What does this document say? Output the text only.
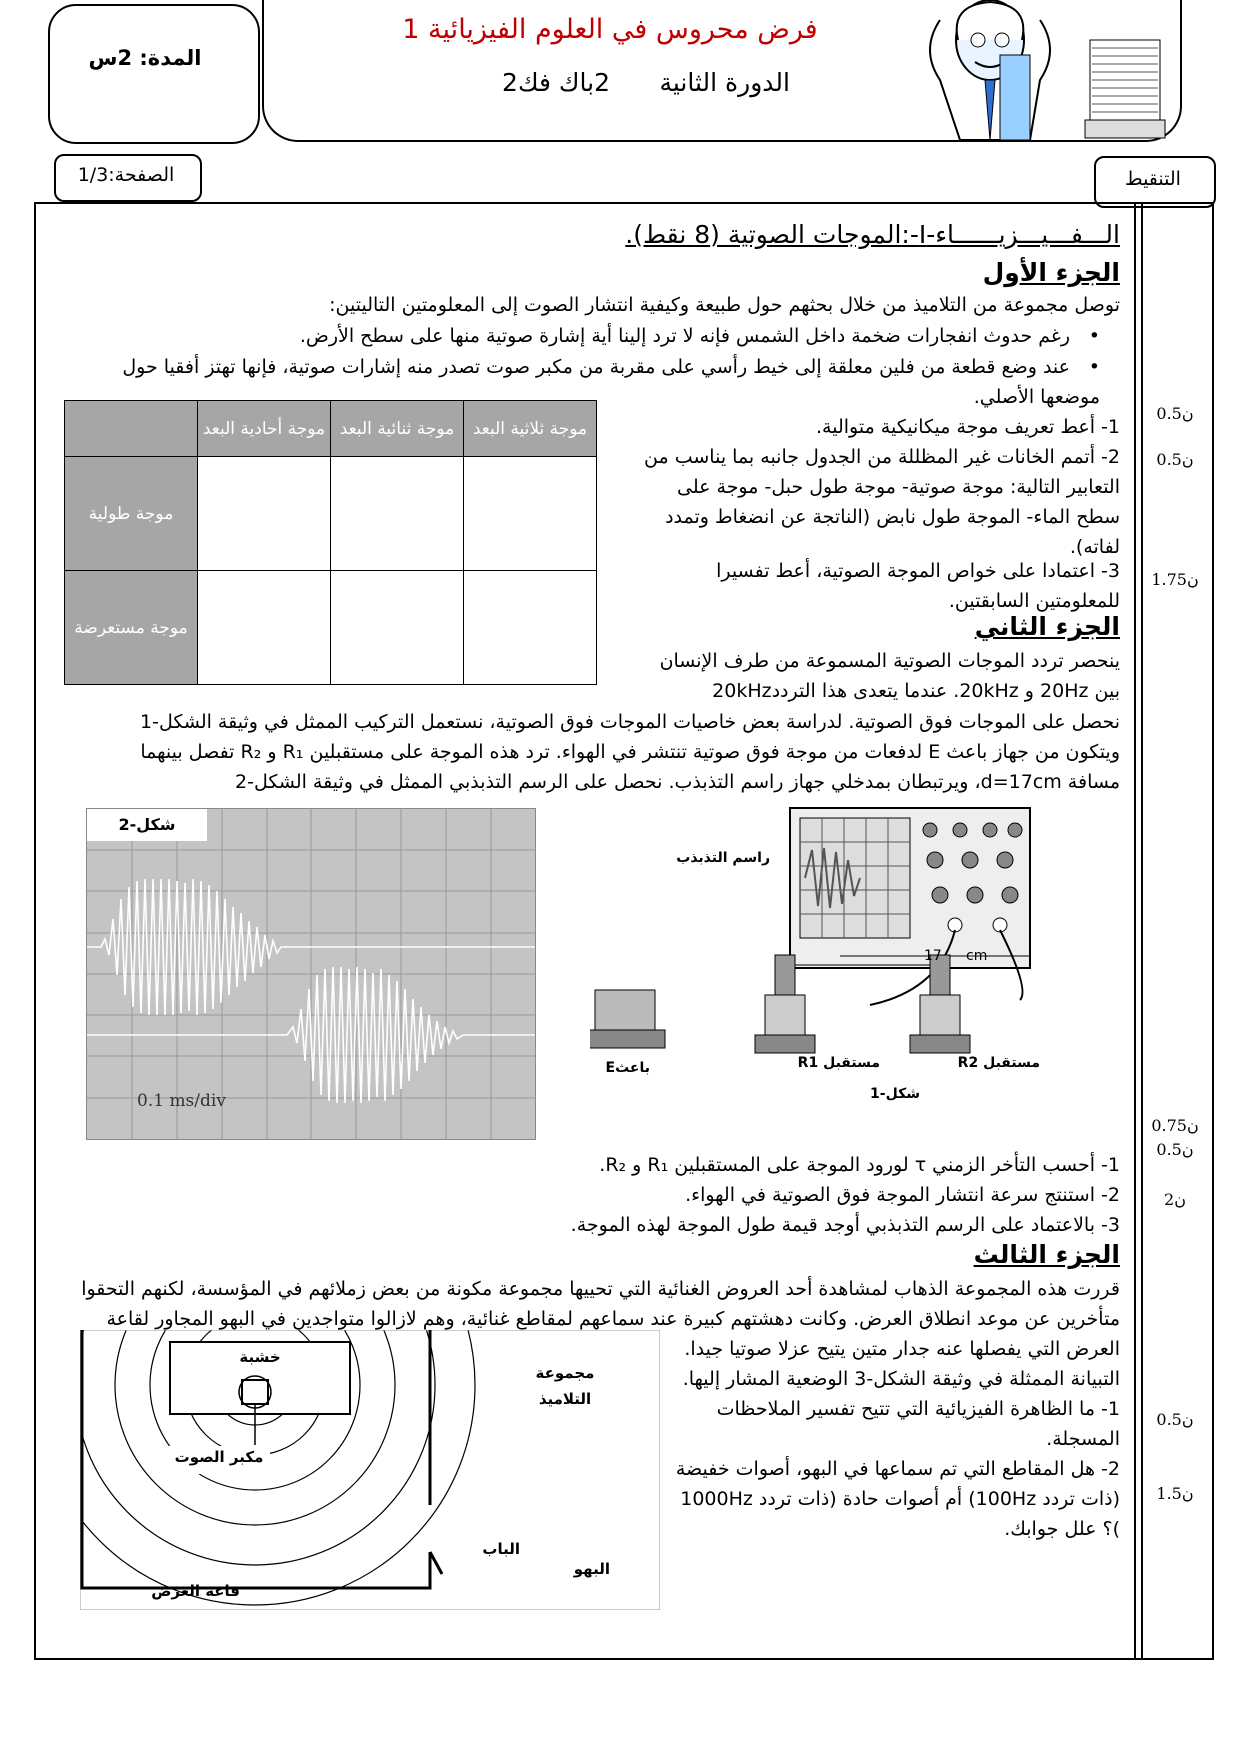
المدة: 2س
فرض محروس في العلوم الفيزيائية 1
الدورة الثانية
2باك فك2
الصفحة:1/3	التنقيط
الـــفـــيـــزيــــــاء-I-:الموجات الصوتية (8 نقط).
الجزء الأول
توصل مجموعة من التلاميذ من خلال بحثهم حول طبيعة وكيفية انتشار الصوت إلى المعلومتين التاليتين:
•رغم حدوث انفجارات ضخمة داخل الشمس فإنه لا ترد إلينا أية إشارة صوتية منها على سطح الأرض.
•عند وضع قطعة من فلين معلقة إلى خيط رأسي على مقربة من مكبر صوت تصدر منه إشارات صوتية، فإنها تهتز أفقيا حول موضعها الأصلي.
	موجة أحادية البعد	موجة ثنائية البعد	موجة ثلاثية البعد
موجة طولية			
موجة مستعرضة			
1- أعط تعريف موجة ميكانيكية متوالية.
2- أتمم الخانات غير المظللة من الجدول جانبه بما يناسب من التعابير التالية: موجة صوتية- موجة طول حبل- موجة على سطح الماء- الموجة طول نابض (الناتجة عن انضغاط وتمدد لفاته).
3- اعتمادا على خواص الموجة الصوتية، أعط تفسيرا للمعلومتين السابقتين.
الجزء الثاني
ينحصر تردد الموجات الصوتية المسموعة من طرف الإنسان بين 20Hz و 20kHz. عندما يتعدى هذا التردد20kHz
نحصل على الموجات فوق الصوتية. لدراسة بعض خاصيات الموجات فوق الصوتية، نستعمل التركيب الممثل في وثيقة الشكل-1
ويتكون من جهاز باعث E لدفعات من موجة فوق صوتية تنتشر في الهواء. ترد هذه الموجة على مستقبلين R₁ و R₂ تفصل بينهما
مسافة d=17cm، ويرتبطان بمدخلي جهاز راسم التذبذب. نحصل على الرسم التذبذبي الممثل في وثيقة الشكل-2
شكل-2
0.1 ms/div
راسم التذبذب
17 cm
باعثE	مستقبل R1	مستقبل R2
شكل-1
1- أحسب التأخر الزمني τ لورود الموجة على المستقبلين R₁ و R₂.
2- استنتج سرعة انتشار الموجة فوق الصوتية في الهواء.
3- بالاعتماد على الرسم التذبذبي أوجد قيمة طول الموجة لهذه الموجة.
الجزء الثالث
قررت هذه المجموعة الذهاب لمشاهدة أحد العروض الغنائية التي تحييها مجموعة مكونة من بعض زملائهم في المؤسسة، لكنهم التحقوا
متأخرين عن موعد انطلاق العرض. وكانت دهشتهم كبيرة عند سماعهم لمقاطع غنائية، وهم لازالوا متواجدين في البهو المجاور لقاعة
العرض التي يفصلها عنه جدار متين يتيح عزلا صوتيا جيدا.
التبيانة الممثلة في وثيقة الشكل-3 الوضعية المشار إليها.
1- ما الظاهرة الفيزيائية التي تتيح تفسير الملاحظات المسجلة.
2- هل المقاطع التي تم سماعها في البهو، أصوات خفيضة (ذات تردد 100Hz) أم أصوات حادة (ذات تردد 1000Hz )؟ علل جوابك.
خشبة
مكبر الصوت
مجموعة التلاميذ
الباب
البهو
قاعة العرض
0.5ن
0.5ن
1.75ن
0.75ن
0.5ن
2ن
0.5ن
1.5ن
